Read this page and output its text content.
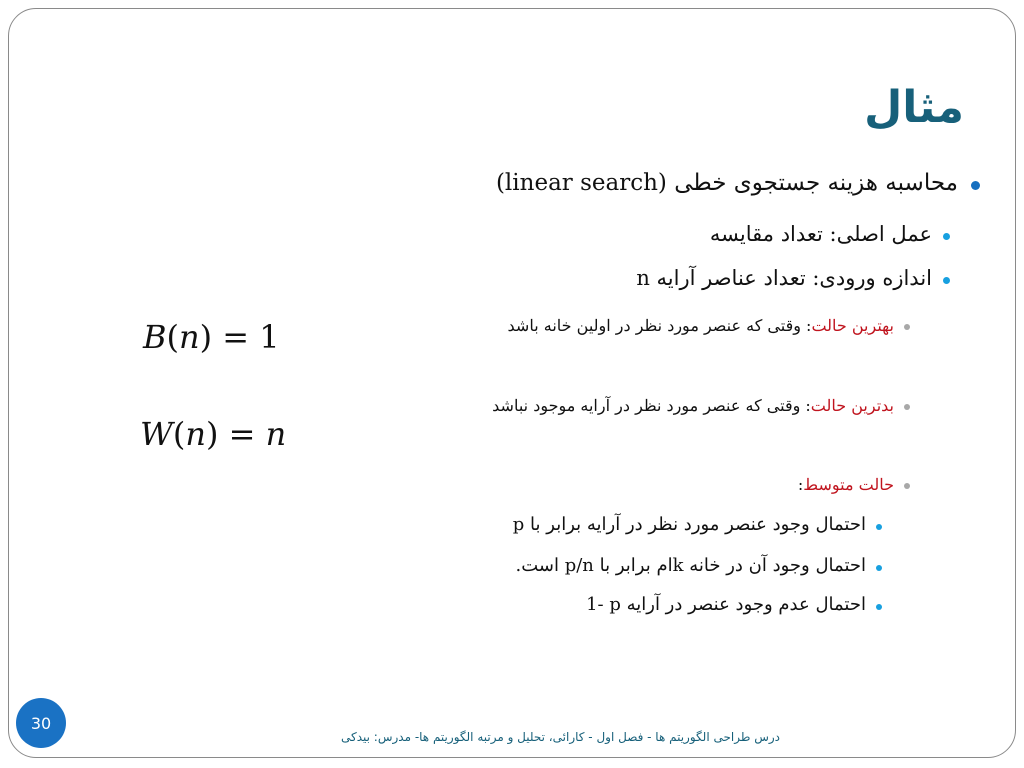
مثال
محاسبه هزینه جستجوی خطی (linear search)
عمل اصلی: تعداد مقایسه
اندازه ورودی: تعداد عناصر آرایه n
بهترین حالت: وقتی که عنصر مورد نظر در اولین خانه باشد
بدترین حالت: وقتی که عنصر مورد نظر در آرایه موجود نباشد
حالت متوسط:
احتمال وجود عنصر مورد نظر در آرایه برابر با p
احتمال وجود آن در خانه kام برابر با p/n است.
احتمال عدم وجود عنصر در آرایه 1- p
B(n) = 1
W(n) = n
30
درس طراحی الگوریتم ها - فصل اول - کارائی، تحلیل و مرتبه الگوریتم ها- مدرس: بیدکی
